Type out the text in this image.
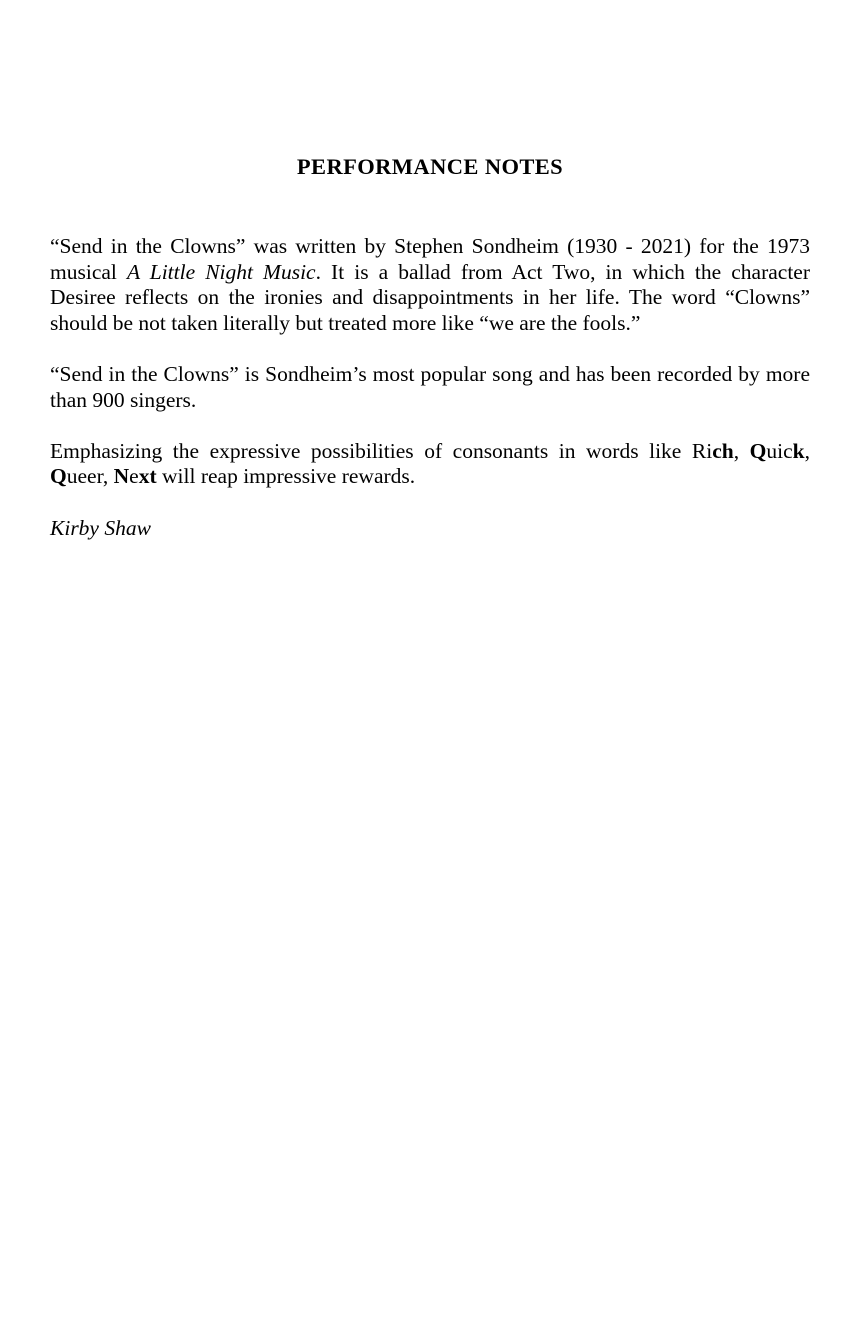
PERFORMANCE NOTES

“Send in the Clowns” was written by Stephen Sondheim (1930 - 2021) for the 1973 musical A Little Night Music. It is a ballad from Act Two, in which the character Desiree reflects on the ironies and disappointments in her life. The word “Clowns” should be not taken literally but treated more like “we are the fools.”

“Send in the Clowns” is Sondheim’s most popular song and has been recorded by more than 900 singers.

Emphasizing the expressive possibilities of consonants in words like Rich, Quick, Queer, Next will reap impressive rewards.

Kirby Shaw
